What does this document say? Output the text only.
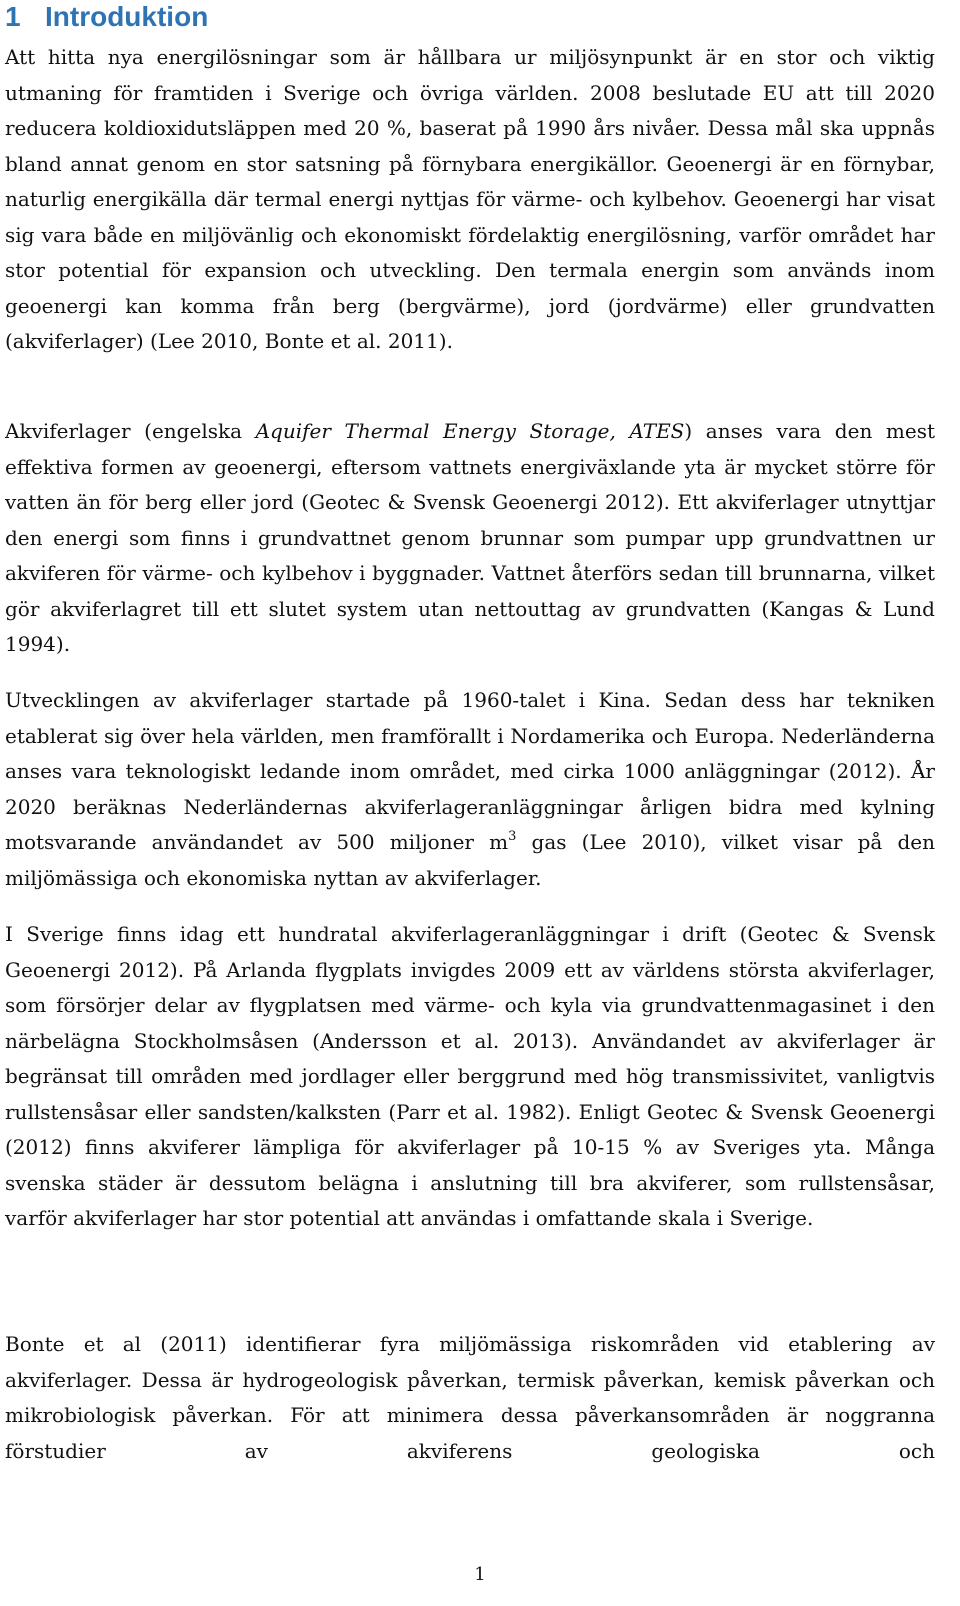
1 Introduktion

Att hitta nya energilösningar som är hållbara ur miljösynpunkt är en stor och viktig utmaning för framtiden i Sverige och övriga världen. 2008 beslutade EU att till 2020 reducera koldioxidutsläppen med 20 %, baserat på 1990 års nivåer. Dessa mål ska uppnås bland annat genom en stor satsning på förnybara energikällor. Geoenergi är en förnybar, naturlig energikälla där termal energi nyttjas för värme- och kylbehov. Geoenergi har visat sig vara både en miljövänlig och ekonomiskt fördelaktig energilösning, varför området har stor potential för expansion och utveckling. Den termala energin som används inom geoenergi kan komma från berg (bergvärme), jord (jordvärme) eller grundvatten (akviferlager) (Lee 2010, Bonte et al. 2011).

Akviferlager (engelska Aquifer Thermal Energy Storage, ATES) anses vara den mest effektiva formen av geoenergi, eftersom vattnets energiväxlande yta är mycket större för vatten än för berg eller jord (Geotec & Svensk Geoenergi 2012). Ett akviferlager utnyttjar den energi som finns i grundvattnet genom brunnar som pumpar upp grundvattnen ur akviferen för värme- och kylbehov i byggnader. Vattnet återförs sedan till brunnarna, vilket gör akviferlagret till ett slutet system utan nettouttag av grundvatten (Kangas & Lund 1994).

Utvecklingen av akviferlager startade på 1960-talet i Kina. Sedan dess har tekniken etablerat sig över hela världen, men framförallt i Nordamerika och Europa. Nederländerna anses vara teknologiskt ledande inom området, med cirka 1000 anläggningar (2012). År 2020 beräknas Nederländernas akviferlageranläggningar årligen bidra med kylning motsvarande användandet av 500 miljoner $m^3$ gas (Lee 2010), vilket visar på den miljömässiga och ekonomiska nyttan av akviferlager.

I Sverige finns idag ett hundratal akviferlageranläggningar i drift (Geotec & Svensk Geoenergi 2012). På Arlanda flygplats invigdes 2009 ett av världens största akviferlager, som försörjer delar av flygplatsen med värme- och kyla via grundvattenmagasinet i den närbelägna Stockholmsåsen (Andersson et al. 2013). Användandet av akviferlager är begränsat till områden med jordlager eller berggrund med hög transmissivitet, vanligtvis rullstensåsar eller sandsten/kalksten (Parr et al. 1982). Enligt Geotec & Svensk Geoenergi (2012) finns akviferer lämpliga för akviferlager på 10-15 % av Sveriges yta. Många svenska städer är dessutom belägna i anslutning till bra akviferer, som rullstensåsar, varför akviferlager har stor potential att användas i omfattande skala i Sverige.

Bonte et al (2011) identifierar fyra miljömässiga riskområden vid etablering av akviferlager. Dessa är hydrogeologisk påverkan, termisk påverkan, kemisk påverkan och mikrobiologisk påverkan. För att minimera dessa påverkansområden är noggranna förstudier av akviferens geologiska och

1
